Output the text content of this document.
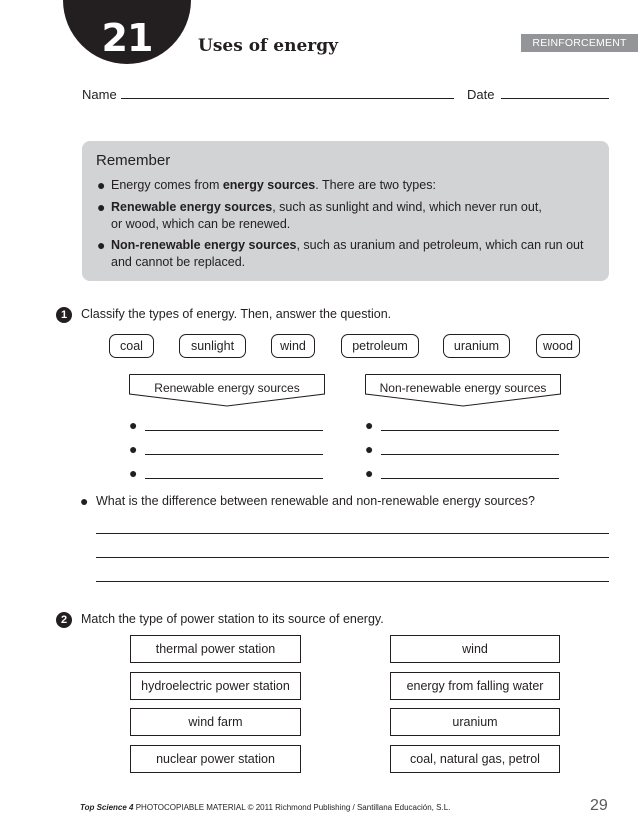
21	Uses of energy	REINFORCEMENT
Name	Date
Remember
● Energy comes from energy sources. There are two types:
● Renewable energy sources, such as sunlight and wind, which never run out,
or wood, which can be renewed.
● Non-renewable energy sources, such as uranium and petroleum, which can run out
and cannot be replaced.
1	Classify the types of energy. Then, answer the question.
coal	sunlight	wind	petroleum	uranium	wood
Renewable energy sources	Non-renewable energy sources
●
●
●
●
●
●
● What is the difference between renewable and non-renewable energy sources?
2	Match the type of power station to its source of energy.
thermal power station
hydroelectric power station
wind farm
nuclear power station
wind
energy from falling water
uranium
coal, natural gas, petrol
Top Science 4 PHOTOCOPIABLE MATERIAL © 2011 Richmond Publishing / Santillana Educación, S.L.	29
